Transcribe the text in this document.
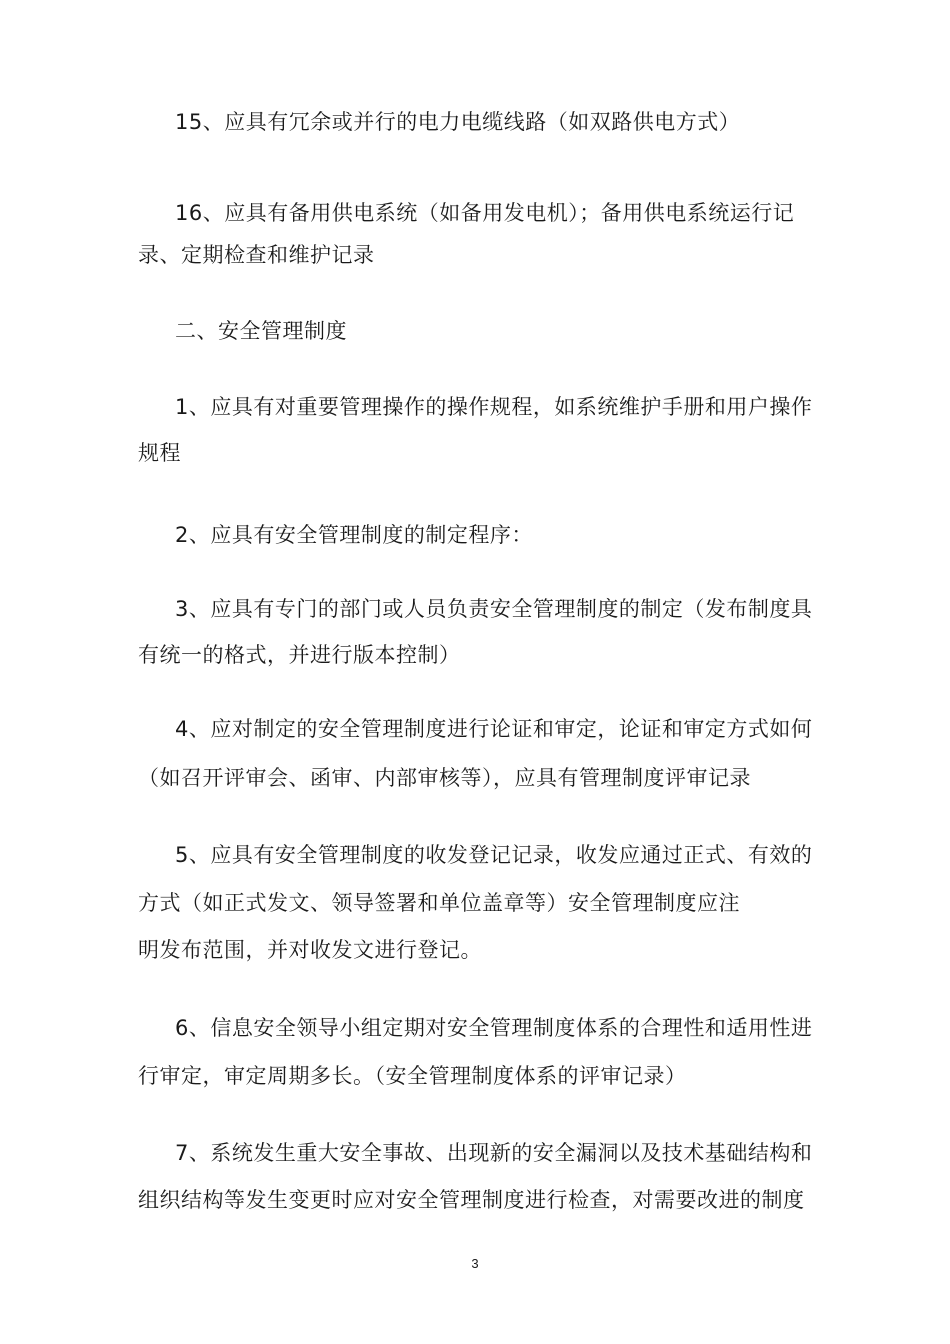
15、应具有冗余或并行的电力电缆线路（如双路供电方式）
16、应具有备用供电系统（如备用发电机）；备用供电系统运行记
录、定期检查和维护记录
二、安全管理制度
1、应具有对重要管理操作的操作规程，如系统维护手册和用户操作
规程
2、应具有安全管理制度的制定程序：
3、应具有专门的部门或人员负责安全管理制度的制定（发布制度具
有统一的格式，并进行版本控制）
4、应对制定的安全管理制度进行论证和审定，论证和审定方式如何
（如召开评审会、函审、内部审核等），应具有管理制度评审记录
5、应具有安全管理制度的收发登记记录，收发应通过正式、有效的
方式（如正式发文、领导签署和单位盖章等）安全管理制度应注
明发布范围，并对收发文进行登记。
6、信息安全领导小组定期对安全管理制度体系的合理性和适用性进
行审定，审定周期多长。（安全管理制度体系的评审记录）
7、系统发生重大安全事故、出现新的安全漏洞以及技术基础结构和
组织结构等发生变更时应对安全管理制度进行检查，对需要改进的制度
3
